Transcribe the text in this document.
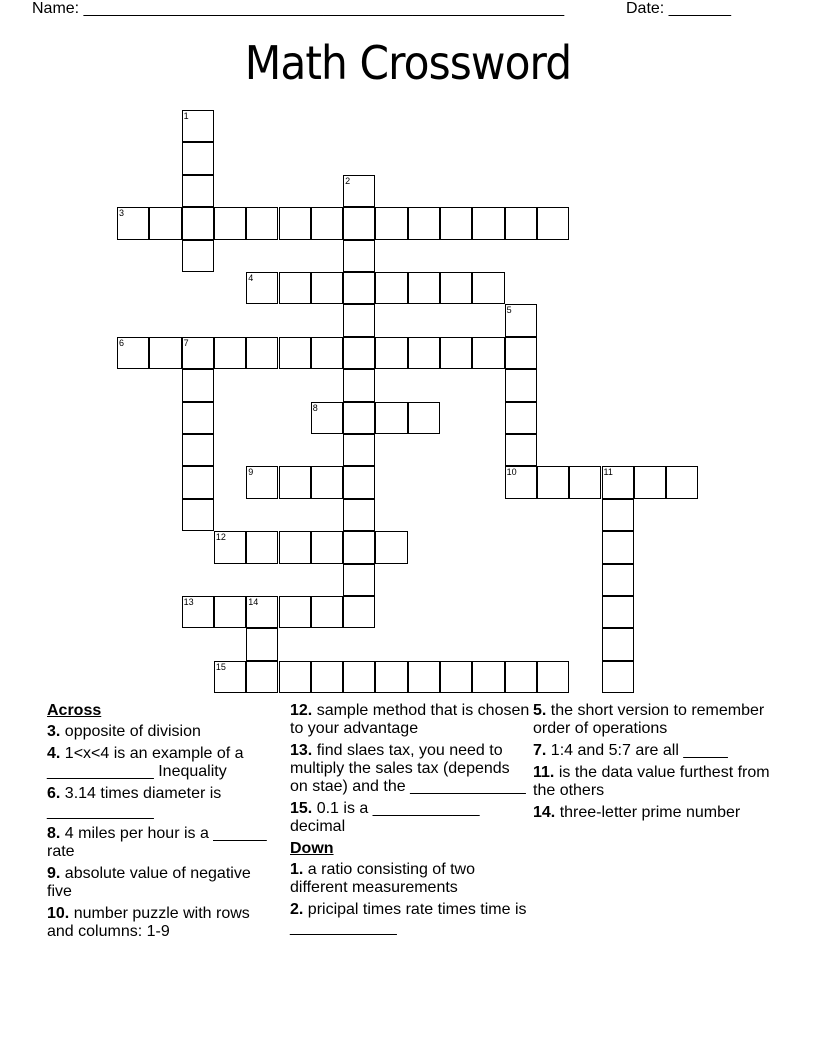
Name: ______________________________________________________	Date: _______
Math Crossword
1
2
3
4
5
10
6	7
8
9	11
13	14
12
15
Across
3. opposite of division
4. 1<x<4 is an example of a ____________ Inequality
6. 3.14 times diameter is ____________
8. 4 miles per hour is a ______ rate
9. absolute value of negative five
10. number puzzle with rows and columns: 1-9
12. sample method that is chosen to your advantage
13. find slaes tax, you need to multiply the sales tax (depends on stae) and the _____________
15. 0.1 is a ____________ decimal
Down
1. a ratio consisting of two different measurements
2. pricipal times rate times time is ____________
5. the short version to remember order of operations
7. 1:4 and 5:7 are all _____
11. is the data value furthest from the others
14. three-letter prime number
